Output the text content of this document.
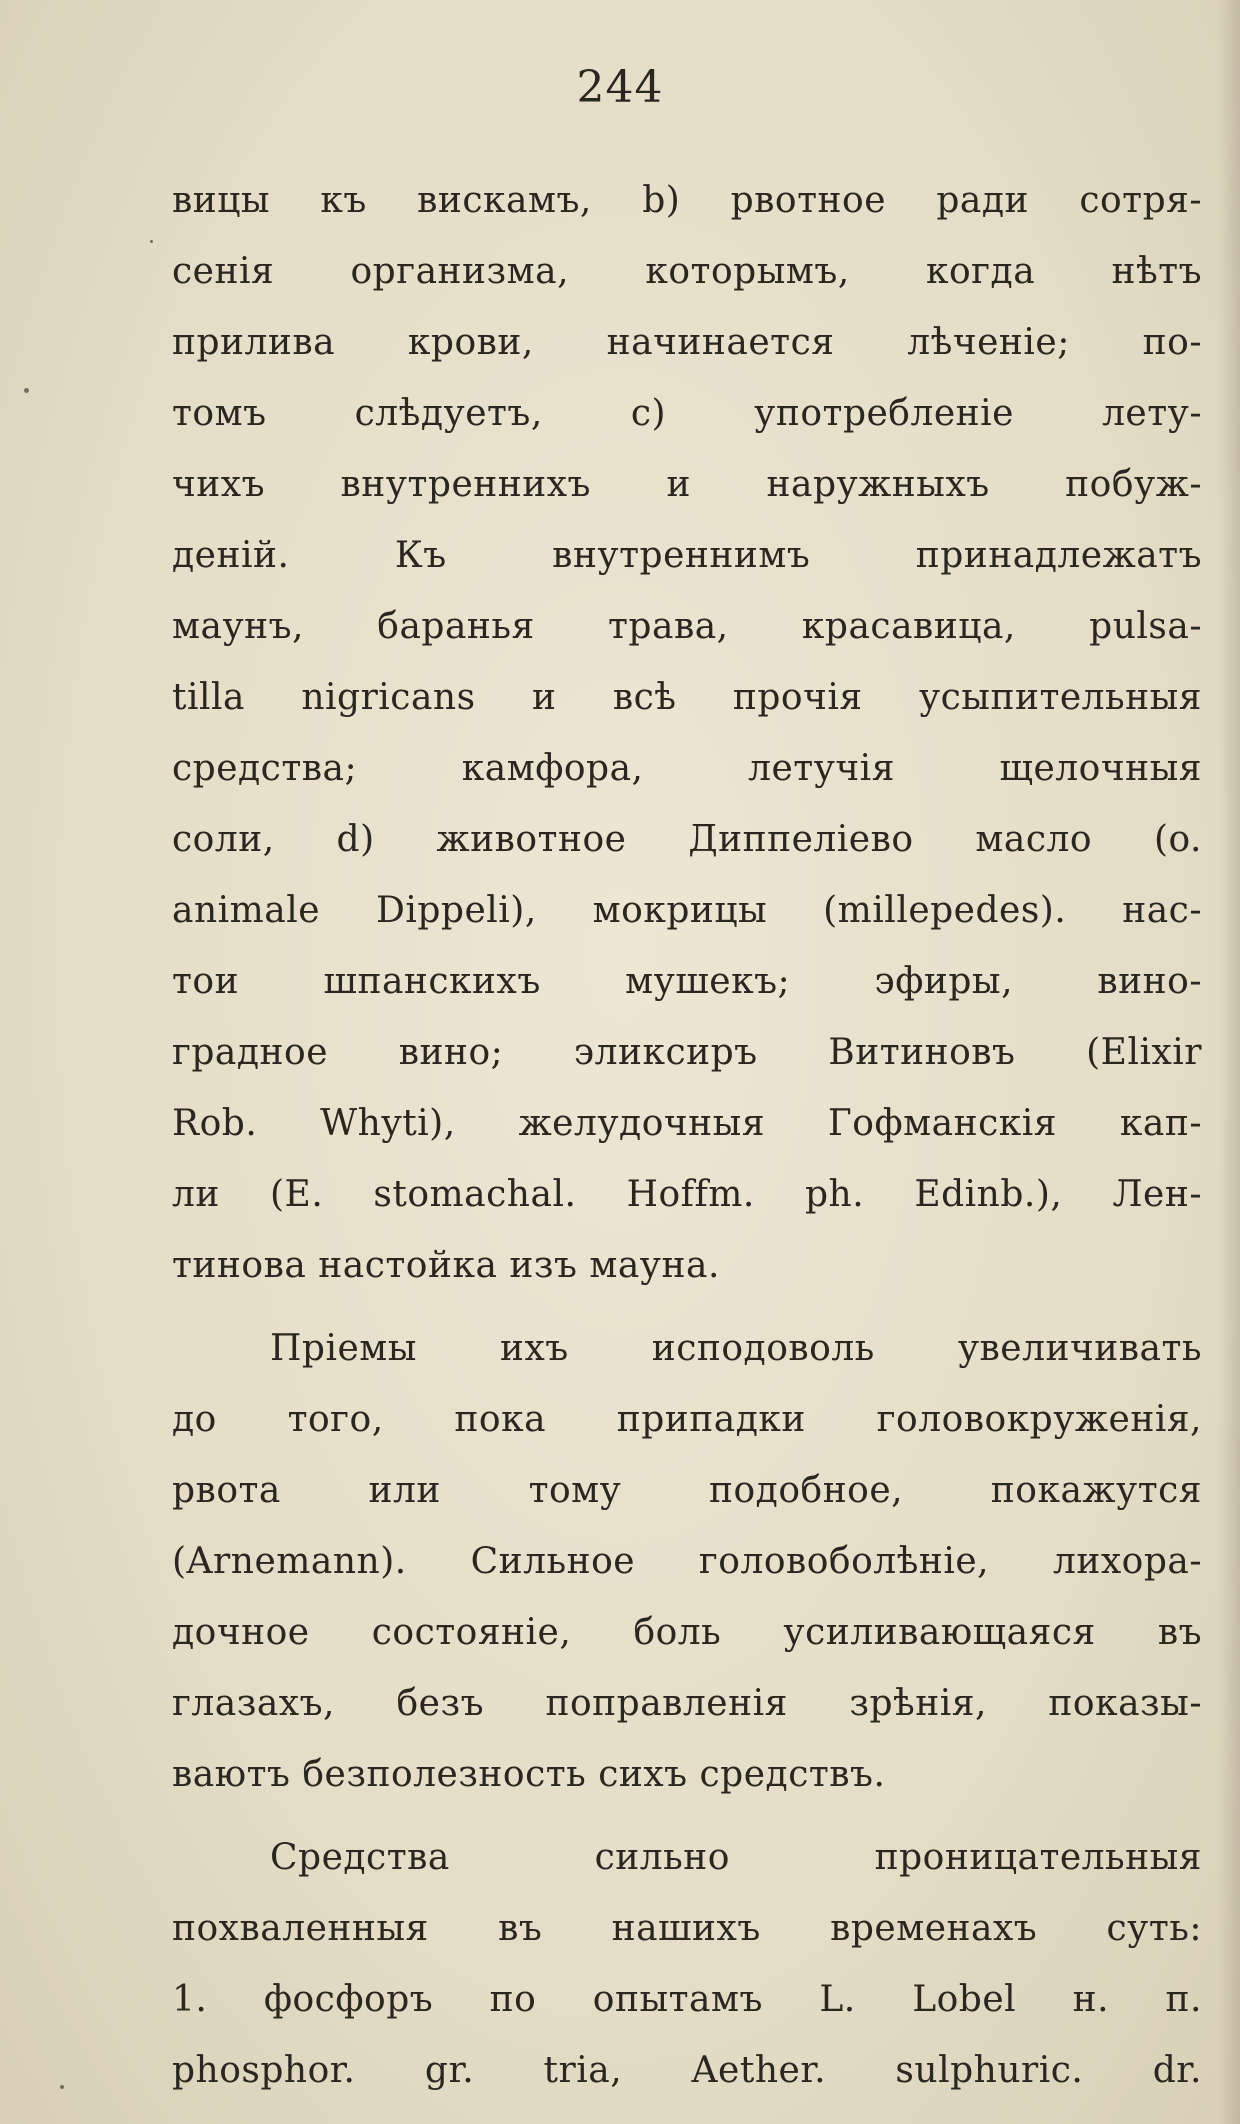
244
вицы къ вискамъ, b) рвотное ради сотря-
сенія организма, которымъ, когда нѣтъ
прилива крови, начинается лѣченіе; по-
томъ слѣдуетъ, c) употребленіе лету-
чихъ внутреннихъ и наружныхъ побуж-
деній. Къ внутреннимъ принадлежатъ
маунъ, баранья трава, красавица, pulsa-
tilla nigricans и всѣ прочія усыпительныя
средства; камфора, летучія щелочныя
соли, d) животное Диппеліево масло (o.
animale Dippeli), мокрицы (millepedes). нас-
тои шпанскихъ мушекъ; эфиры, вино-
градное вино; эликсиръ Витиновъ (Elixir
Rob. Whyti), желудочныя Гофманскія кап-
ли (E. stomachal. Hoffm. ph. Edinb.), Лен-
тинова настойка изъ мауна.
Пріемы ихъ исподоволь увеличивать
до того, пока припадки головокруженія,
рвота или тому подобное, покажутся
(Arnemann). Сильное головоболѣніе, лихора-
дочное состояніе, боль усиливающаяся въ
глазахъ, безъ поправленія зрѣнія, показы-
ваютъ безполезность сихъ средствъ.
Средства сильно проницательныя
похваленныя въ нашихъ временахъ суть:
1. фосфоръ по опытамъ L. Lobel н. п.
phosphor. gr. tria, Aether. sulphuric. dr.
